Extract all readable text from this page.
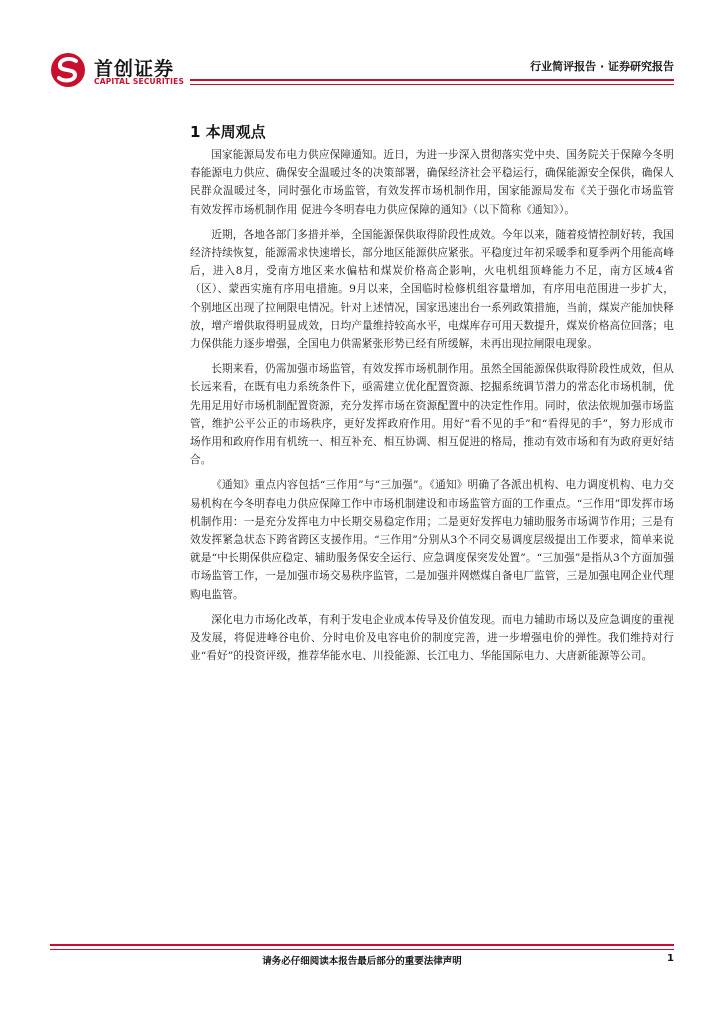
首创证券
CAPITAL SECURITIES
行业简评报告 · 证券研究报告
1 本周观点

国家能源局发布电力供应保障通知。近日，为进一步深入贯彻落实党中央、国务院关于保障今冬明春能源电力供应、确保安全温暖过冬的决策部署，确保经济社会平稳运行，确保能源安全保供，确保人民群众温暖过冬，同时强化市场监管，有效发挥市场机制作用，国家能源局发布《关于强化市场监管 有效发挥市场机制作用 促进今冬明春电力供应保障的通知》（以下简称《通知》）。

近期，各地各部门多措并举，全国能源保供取得阶段性成效。今年以来，随着疫情控制好转，我国经济持续恢复，能源需求快速增长，部分地区能源供应紧张。平稳度过年初采暖季和夏季两个用能高峰后，进入8月，受南方地区来水偏枯和煤炭价格高企影响，火电机组顶峰能力不足，南方区域4省（区）、蒙西实施有序用电措施。9月以来，全国临时检修机组容量增加，有序用电范围进一步扩大，个别地区出现了拉闸限电情况。针对上述情况，国家迅速出台一系列政策措施，当前，煤炭产能加快释放，增产增供取得明显成效，日均产量维持较高水平，电煤库存可用天数提升，煤炭价格高位回落；电力保供能力逐步增强，全国电力供需紧张形势已经有所缓解，未再出现拉闸限电现象。

长期来看，仍需加强市场监管，有效发挥市场机制作用。虽然全国能源保供取得阶段性成效，但从长远来看，在既有电力系统条件下，亟需建立优化配置资源、挖掘系统调节潜力的常态化市场机制，优先用足用好市场机制配置资源，充分发挥市场在资源配置中的决定性作用。同时，依法依规加强市场监管，维护公平公正的市场秩序，更好发挥政府作用。用好“看不见的手”和“看得见的手”，努力形成市场作用和政府作用有机统一、相互补充、相互协调、相互促进的格局，推动有效市场和有为政府更好结合。

《通知》重点内容包括“三作用”与“三加强”。《通知》明确了各派出机构、电力调度机构、电力交易机构在今冬明春电力供应保障工作中市场机制建设和市场监管方面的工作重点。“三作用”即发挥市场机制作用：一是充分发挥电力中长期交易稳定作用；二是更好发挥电力辅助服务市场调节作用；三是有效发挥紧急状态下跨省跨区支援作用。“三作用”分别从3个不同交易调度层级提出工作要求，简单来说就是“中长期保供应稳定、辅助服务保安全运行、应急调度保突发处置”。“三加强”是指从3个方面加强市场监管工作，一是加强市场交易秩序监管，二是加强并网燃煤自备电厂监管，三是加强电网企业代理购电监管。

深化电力市场化改革，有利于发电企业成本传导及价值发现。而电力辅助市场以及应急调度的重视及发展，将促进峰谷电价、分时电价及电容电价的制度完善，进一步增强电价的弹性。我们维持对行业“看好”的投资评级，推荐华能水电、川投能源、长江电力、华能国际电力、大唐新能源等公司。

请务必仔细阅读本报告最后部分的重要法律声明	1
